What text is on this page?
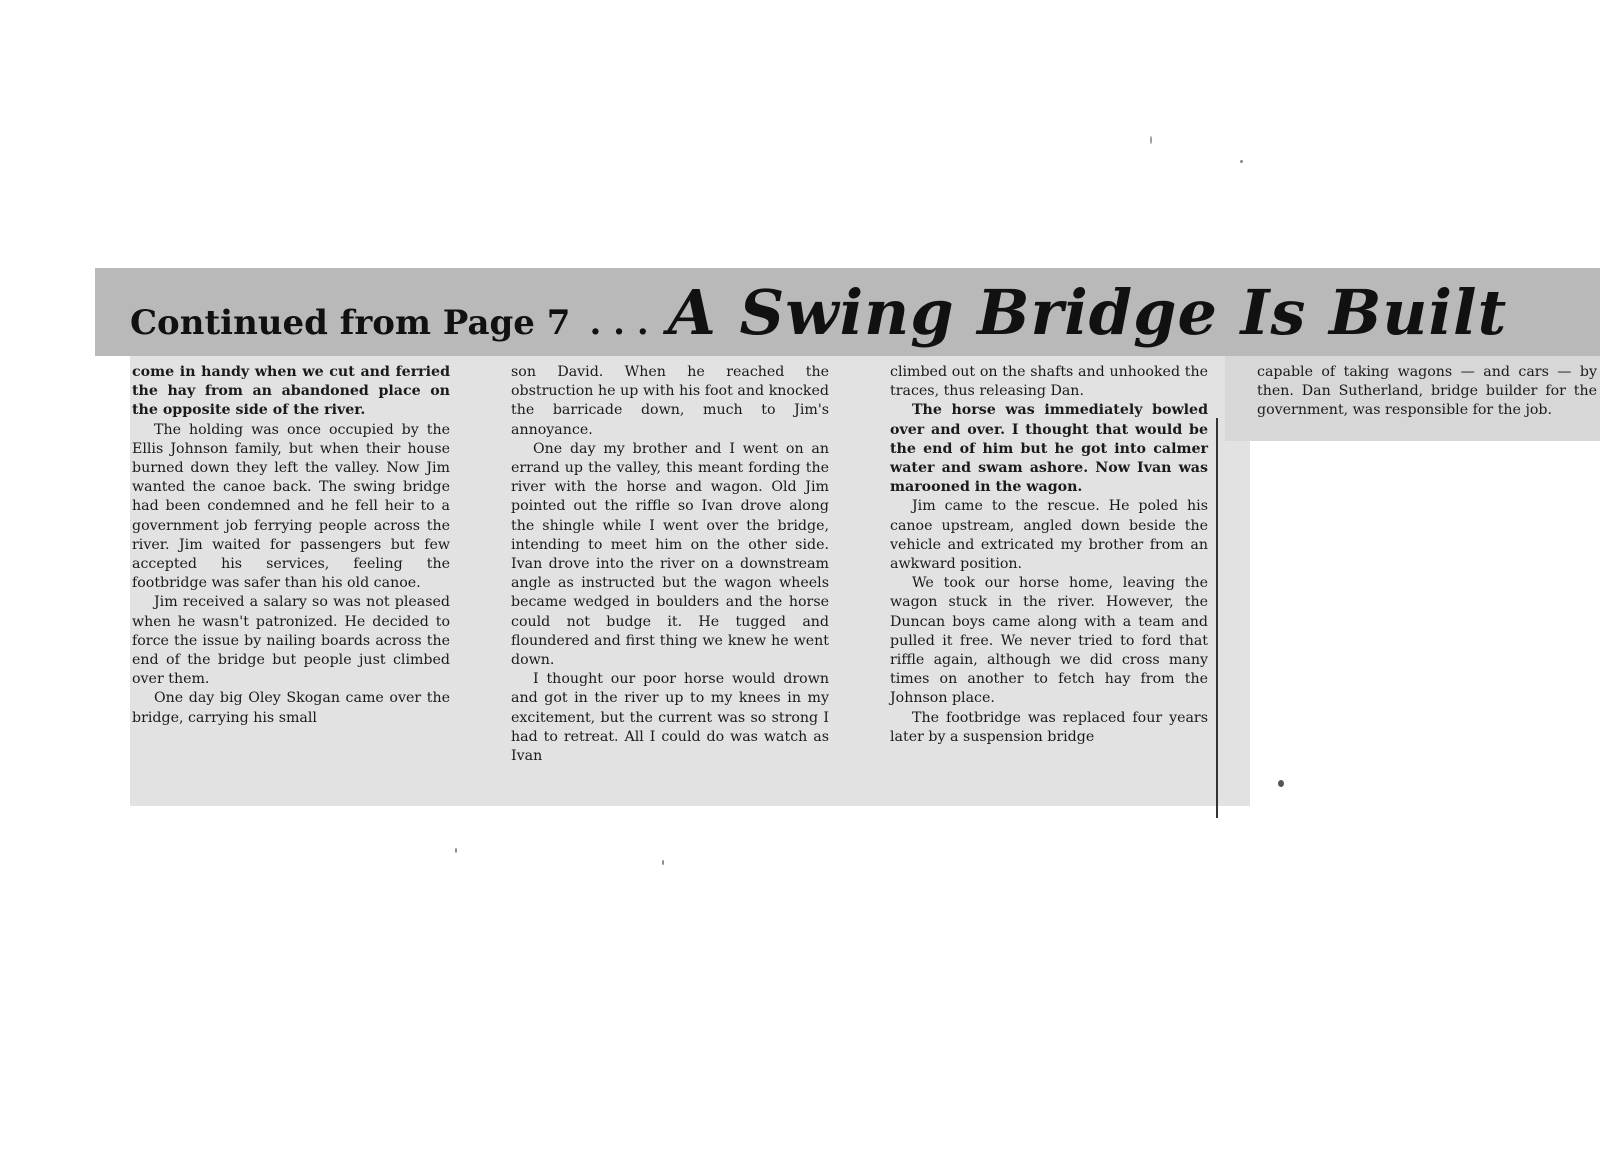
Continued from Page 7 . . . A Swing Bridge Is Built

come in handy when we cut and ferried the hay from an abandoned place on the opposite side of the river.

The holding was once occupied by the Ellis Johnson family, but when their house burned down they left the valley. Now Jim wanted the canoe back. The swing bridge had been condemned and he fell heir to a government job ferrying people across the river. Jim waited for passengers but few accepted his services, feeling the footbridge was safer than his old canoe.

Jim received a salary so was not pleased when he wasn't patronized. He decided to force the issue by nailing boards across the end of the bridge but people just climbed over them.

One day big Oley Skogan came over the bridge, carrying his small

son David. When he reached the obstruction he up with his foot and knocked the barricade down, much to Jim's annoyance.

One day my brother and I went on an errand up the valley, this meant fording the river with the horse and wagon. Old Jim pointed out the riffle so Ivan drove along the shingle while I went over the bridge, intending to meet him on the other side. Ivan drove into the river on a downstream angle as instructed but the wagon wheels became wedged in boulders and the horse could not budge it. He tugged and floundered and first thing we knew he went down.

I thought our poor horse would drown and got in the river up to my knees in my excitement, but the current was so strong I had to retreat. All I could do was watch as Ivan

climbed out on the shafts and unhooked the traces, thus releasing Dan.

The horse was immediately bowled over and over. I thought that would be the end of him but he got into calmer water and swam ashore. Now Ivan was marooned in the wagon.

Jim came to the rescue. He poled his canoe upstream, angled down beside the vehicle and extricated my brother from an awkward position.

We took our horse home, leaving the wagon stuck in the river. However, the Duncan boys came along with a team and pulled it free. We never tried to ford that riffle again, although we did cross many times on another to fetch hay from the Johnson place.

The footbridge was replaced four years later by a suspension bridge

capable of taking wagons — and cars — by then. Dan Sutherland, bridge builder for the government, was responsible for the job.
